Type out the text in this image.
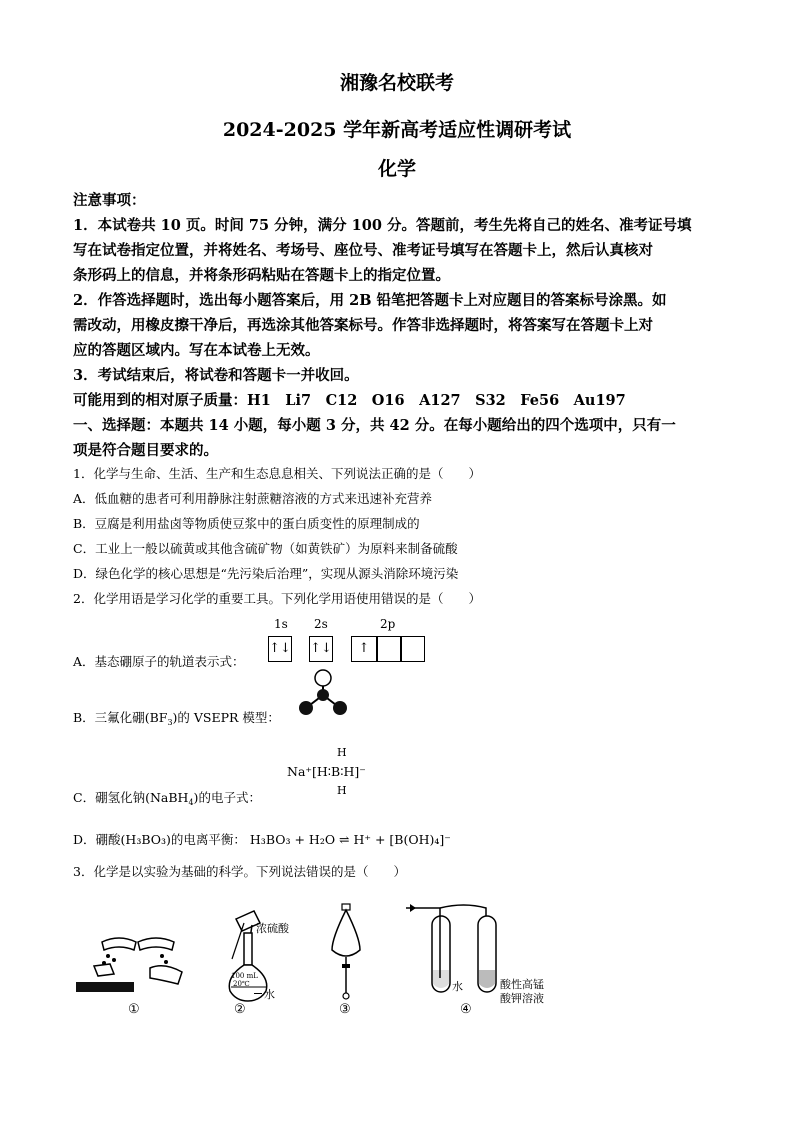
湘豫名校联考
2024-2025 学年新高考适应性调研考试
化学
注意事项：
1．本试卷共 10 页。时间 75 分钟，满分 100 分。答题前，考生先将自己的姓名、准考证号填
写在试卷指定位置，并将姓名、考场号、座位号、准考证号填写在答题卡上，然后认真核对
条形码上的信息，并将条形码粘贴在答题卡上的指定位置。
2．作答选择题时，选出每小题答案后，用 2B 铅笔把答题卡上对应题目的答案标号涂黑。如
需改动，用橡皮擦干净后，再选涂其他答案标号。作答非选择题时，将答案写在答题卡上对
应的答题区域内。写在本试卷上无效。
3．考试结束后，将试卷和答题卡一并收回。
可能用到的相对原子质量：H1　Li7　C12　O16　A127　S32　Fe56　Au197
一、选择题：本题共 14 小题，每小题 3 分，共 42 分。在每小题给出的四个选项中，只有一
项是符合题目要求的。
1．化学与生命、生活、生产和生态息息相关、下列说法正确的是（　　）
A．低血糖的患者可利用静脉注射蔗糖溶液的方式来迅速补充营养
B．豆腐是利用盐卤等物质使豆浆中的蛋白质变性的原理制成的
C．工业上一般以硫黄或其他含硫矿物（如黄铁矿）为原料来制备硫酸
D．绿色化学的核心思想是“先污染后治理”，实现从源头消除环境污染
2．化学用语是学习化学的重要工具。下列化学用语使用错误的是（　　）
A．基态硼原子的轨道表示式：
1s 2s	2p
↑↓ ↑↓	↑
B．三氟化硼$(BF_3)$的 VSEPR 模型：
Na⁺[H∶B∶H]⁻
H
H
C．硼氢化钠(NaBH$_4$)的电子式：
D．硼酸(H₃BO₃)的电离平衡： H₃BO₃ + H₂O ⇌ H⁺ + [B(OH)₄]⁻
3．化学是以实验为基础的科学。下列说法错误的是（　　）
①
浓硫酸
100 mL
20℃
水
②	③
水	酸性高锰
酸钾溶液
④
